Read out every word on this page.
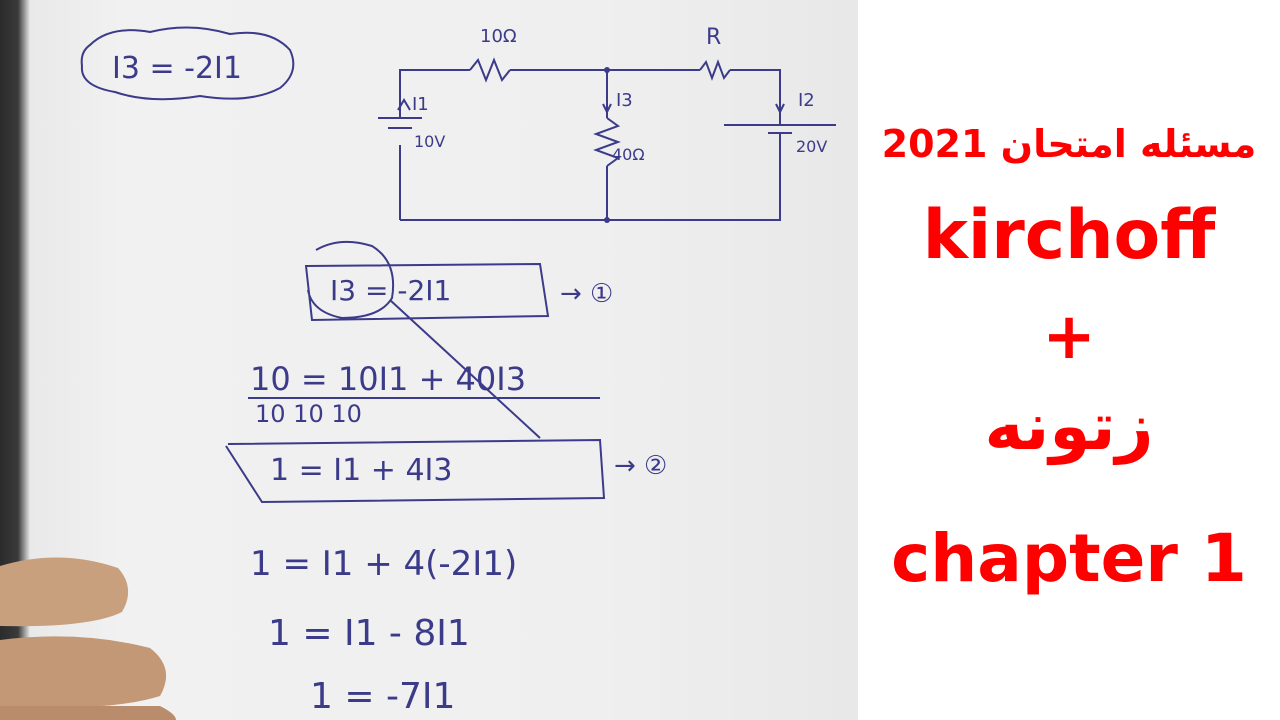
I3 = -2I1
10Ω	R
I1	I3	I2
10V
40Ω	20V
I3 = -2I1	→ ①
10 = 10I1 + 40I3
10 10 10
1 = I1 + 4I3	→ ②
1 = I1 + 4(-2I1)
1 = I1 - 8I1
1 = -7I1
مسئله امتحان 2021
kirchoff
+
زتونه
chapter 1
